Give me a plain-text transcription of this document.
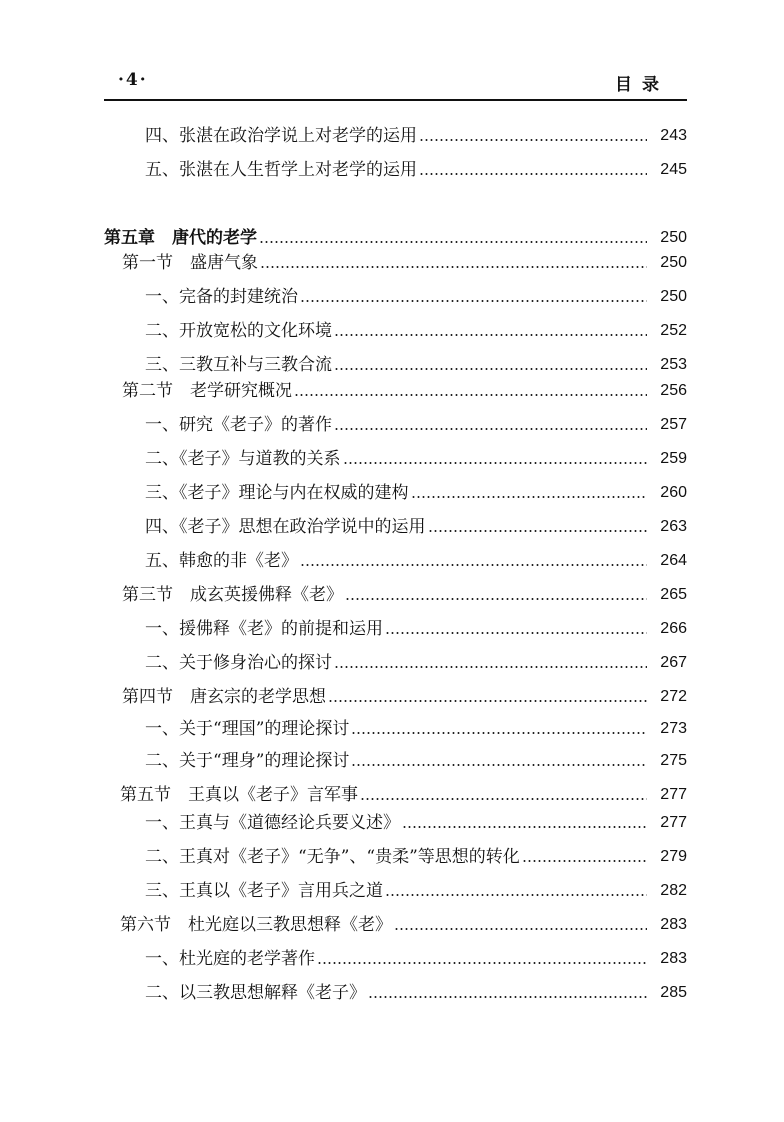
·4·	目录
四、张湛在政治学说上对老学的运用	243
五、张湛在人生哲学上对老学的运用	245
第五章　唐代的老学	250
第一节　盛唐气象	250
一、完备的封建统治	250
二、开放宽松的文化环境	252
三、三教互补与三教合流	253
第二节　老学研究概况	256
一、研究《老子》的著作	257
二、《老子》与道教的关系	259
三、《老子》理论与内在权威的建构	260
四、《老子》思想在政治学说中的运用	263
五、韩愈的非《老》	264
第三节　成玄英援佛释《老》	265
一、援佛释《老》的前提和运用	266
二、关于修身治心的探讨	267
第四节　唐玄宗的老学思想	272
一、关于“理国”的理论探讨	273
二、关于“理身”的理论探讨	275
第五节　王真以《老子》言军事	277
一、王真与《道德经论兵要义述》	277
二、王真对《老子》“无争”、“贵柔”等思想的转化	279
三、王真以《老子》言用兵之道	282
第六节　杜光庭以三教思想释《老》	283
一、杜光庭的老学著作	283
二、以三教思想解释《老子》	285
